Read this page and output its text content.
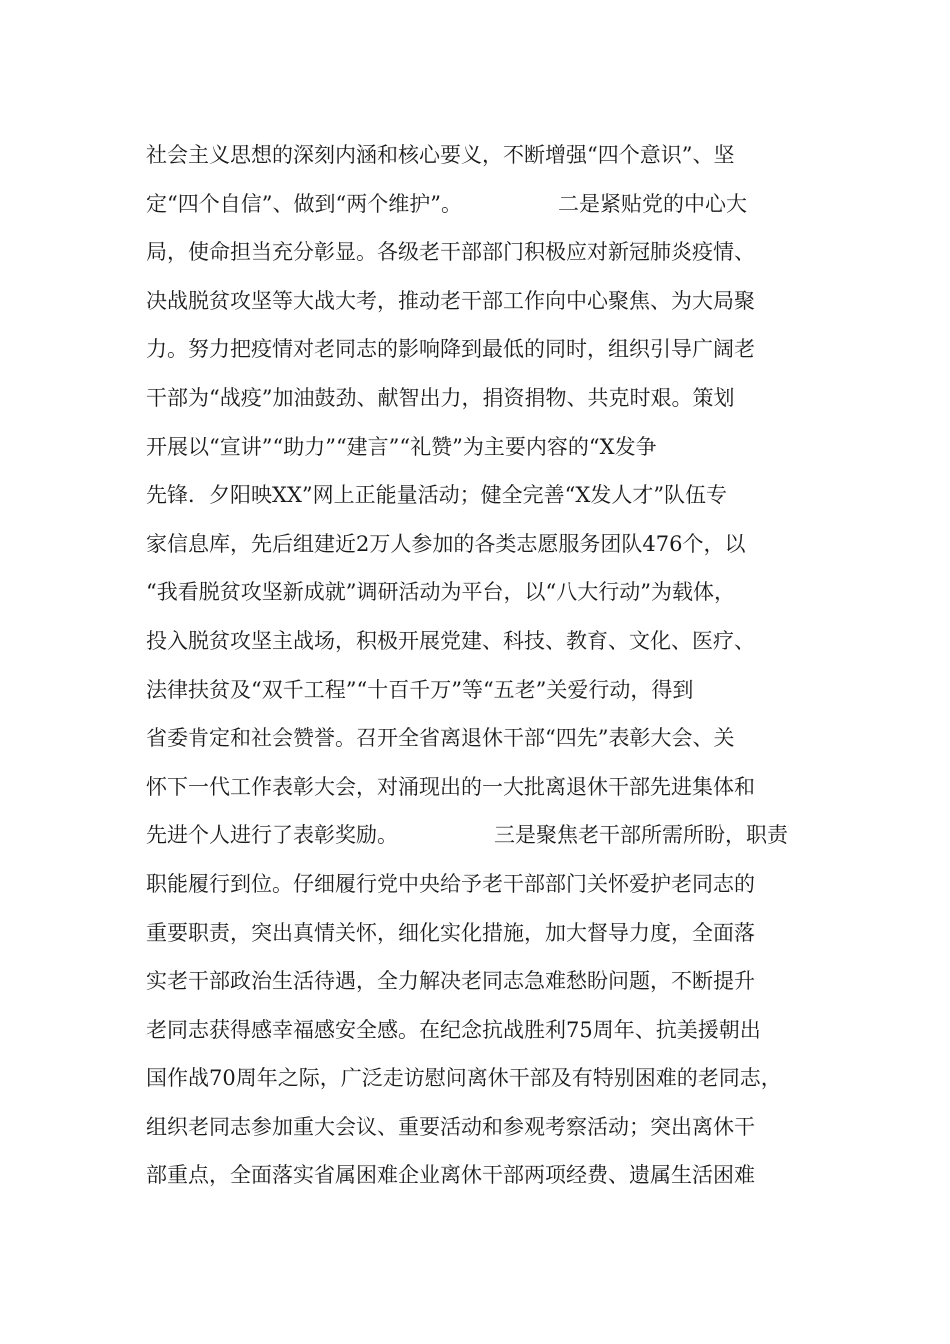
社会主义思想的深刻内涵和核心要义，不断增强“四个意识”、坚
定“四个自信”、做到“两个维护”。	二是紧贴党的中心大
局，使命担当充分彰显。各级老干部部门积极应对新冠肺炎疫情、
决战脱贫攻坚等大战大考，推动老干部工作向中心聚焦、为大局聚
力。努力把疫情对老同志的影响降到最低的同时，组织引导广阔老
干部为“战疫”加油鼓劲、献智出力，捐资捐物、共克时艰。策划
开展以“宣讲”“助力”“建言”“礼赞”为主要内容的“X发争
先锋．夕阳映XX”网上正能量活动；健全完善“X发人才”队伍专
家信息库，先后组建近2万人参加的各类志愿服务团队476个，以
“我看脱贫攻坚新成就”调研活动为平台，以“八大行动”为载体，
投入脱贫攻坚主战场，积极开展党建、科技、教育、文化、医疗、
法律扶贫及“双千工程”“十百千万”等“五老”关爱行动，得到
省委肯定和社会赞誉。召开全省离退休干部“四先”表彰大会、关
怀下一代工作表彰大会，对涌现出的一大批离退休干部先进集体和
先进个人进行了表彰奖励。	三是聚焦老干部所需所盼，职责
职能履行到位。仔细履行党中央给予老干部部门关怀爱护老同志的
重要职责，突出真情关怀，细化实化措施，加大督导力度，全面落
实老干部政治生活待遇，全力解决老同志急难愁盼问题，不断提升
老同志获得感幸福感安全感。在纪念抗战胜利75周年、抗美援朝出
国作战70周年之际，广泛走访慰问离休干部及有特别困难的老同志，
组织老同志参加重大会议、重要活动和参观考察活动；突出离休干
部重点，全面落实省属困难企业离休干部两项经费、遗属生活困难
